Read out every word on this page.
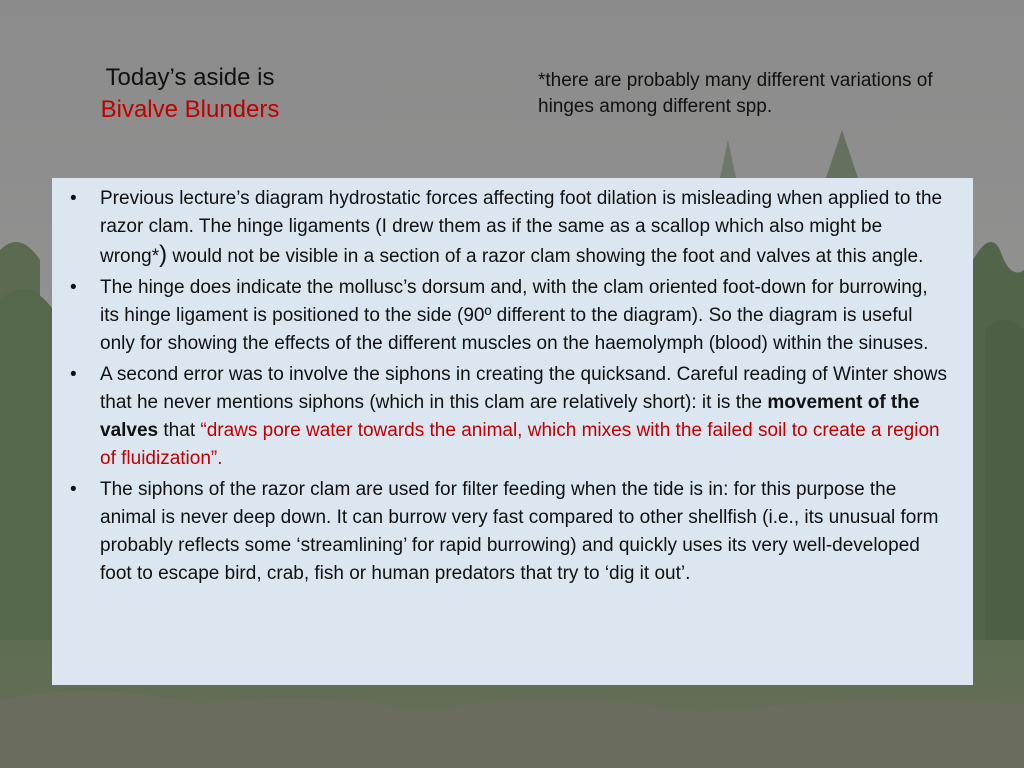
Today’s aside is
Bivalve Blunders
*there are probably many different variations of hinges among different spp.
• Previous lecture’s diagram hydrostatic forces affecting foot dilation is misleading when applied to the razor clam. The hinge ligaments (I drew them as if the same as a scallop which also might be wrong*) would not be visible in a section of a razor clam showing the foot and valves at this angle.
• The hinge does indicate the mollusc’s dorsum and, with the clam oriented foot-down for burrowing, its hinge ligament is positioned to the side (90º different to the diagram). So the diagram is useful only for showing the effects of the different muscles on the haemolymph (blood) within the sinuses.
• A second error was to involve the siphons in creating the quicksand. Careful reading of Winter shows that he never mentions siphons (which in this clam are relatively short): it is the movement of the valves that “draws pore water towards the animal, which mixes with the failed soil to create a region of fluidization”.
• The siphons of the razor clam are used for filter feeding when the tide is in: for this purpose the animal is never deep down. It can burrow very fast compared to other shellfish (i.e., its unusual form probably reflects some ‘streamlining’ for rapid burrowing) and quickly uses its very well-developed foot to escape bird, crab, fish or human predators that try to ‘dig it out’.
